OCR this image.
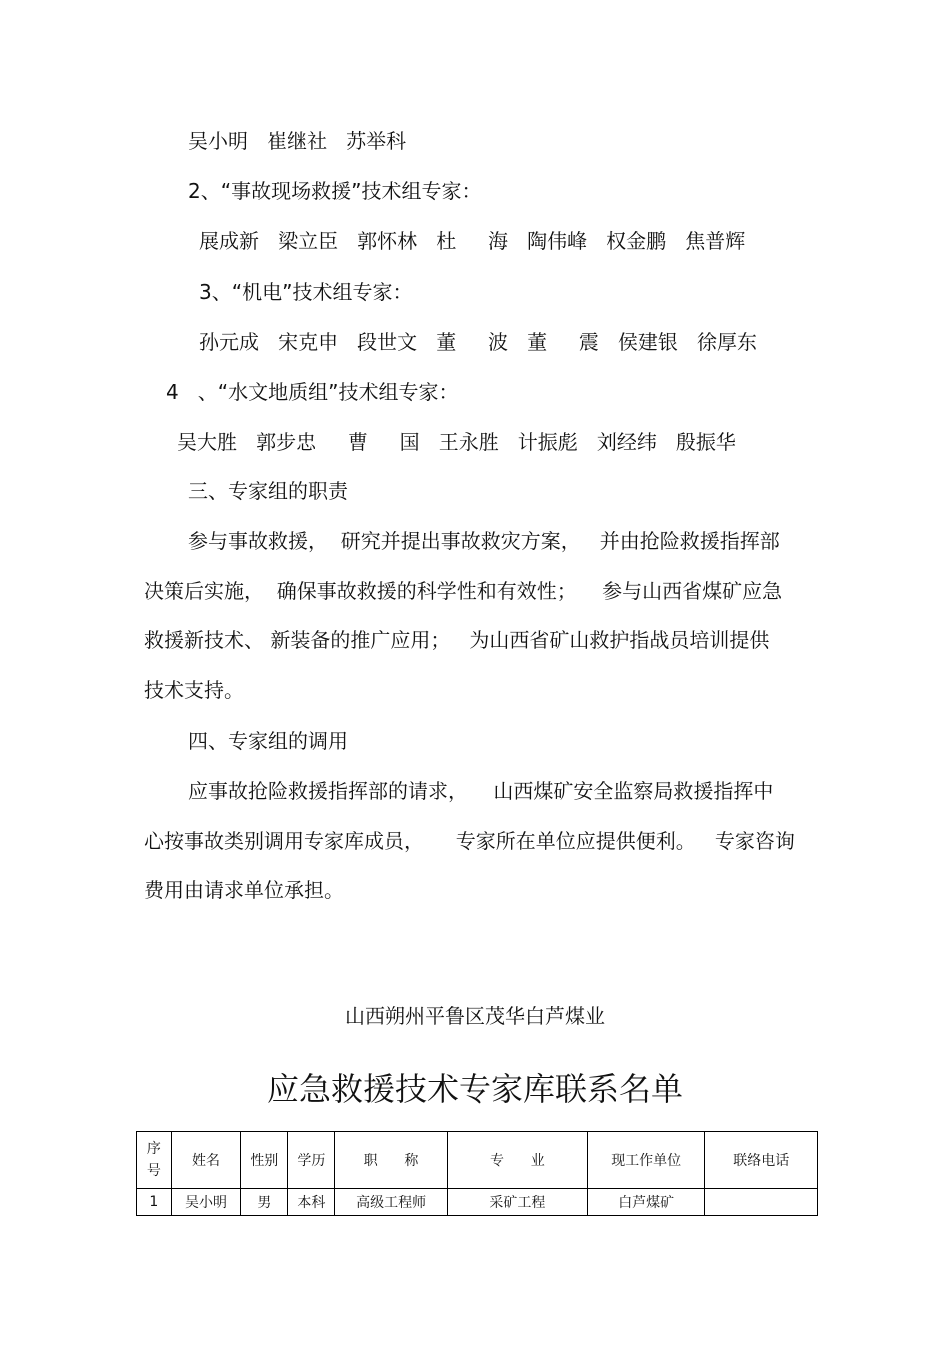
吴小明   崔继社   苏举科
2、“事故现场救援”技术组专家：
展成新   梁立臣   郭怀林   杜     海   陶伟峰   权金鹏   焦普辉
3、“机电”技术组专家：
孙元成   宋克申   段世文   董     波   董     震   侯建银   徐厚东
4   、“水文地质组”技术组专家：
吴大胜   郭步忠     曹     国   王永胜   计振彪   刘经纬   殷振华
三、专家组的职责
参与事故救援，  研究并提出事故救灾方案，   并由抢险救援指挥部
决策后实施，  确保事故救援的科学性和有效性；    参与山西省煤矿应急
救援新技术、 新装备的推广应用；   为山西省矿山救护指战员培训提供
技术支持。
四、专家组的调用
应事故抢险救援指挥部的请求，    山西煤矿安全监察局救援指挥中
心按事故类别调用专家库成员，     专家所在单位应提供便利。   专家咨询
费用由请求单位承担。
山西朔州平鲁区茂华白芦煤业
应急救援技术专家库联系名单
序
号	姓名	性别	学历	职      称	专      业	现工作单位	联络电话
1	吴小明	男	本科	高级工程师	采矿工程	白芦煤矿	
